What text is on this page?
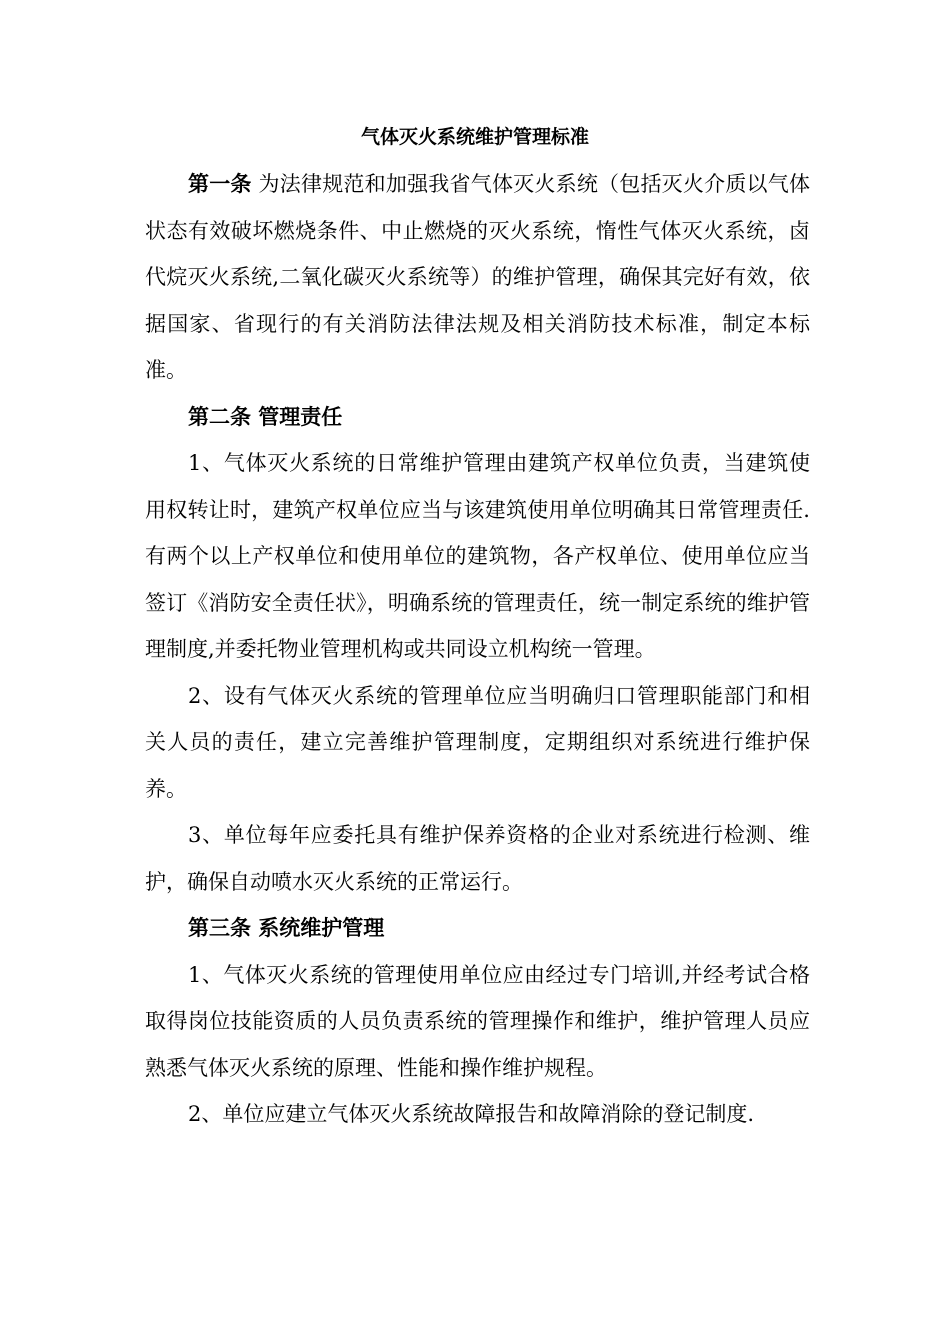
气体灭火系统维护管理标准

第一条 为法律规范和加强我省气体灭火系统（包括灭火介质以气体状态有效破坏燃烧条件、中止燃烧的灭火系统，惰性气体灭火系统，卤代烷灭火系统,二氧化碳灭火系统等）的维护管理，确保其完好有效，依据国家、省现行的有关消防法律法规及相关消防技术标准，制定本标准。

第二条 管理责任

1、气体灭火系统的日常维护管理由建筑产权单位负责，当建筑使用权转让时，建筑产权单位应当与该建筑使用单位明确其日常管理责任.有两个以上产权单位和使用单位的建筑物，各产权单位、使用单位应当签订《消防安全责任状》，明确系统的管理责任，统一制定系统的维护管理制度,并委托物业管理机构或共同设立机构统一管理。

2、设有气体灭火系统的管理单位应当明确归口管理职能部门和相关人员的责任，建立完善维护管理制度，定期组织对系统进行维护保养。

3、单位每年应委托具有维护保养资格的企业对系统进行检测、维护，确保自动喷水灭火系统的正常运行。

第三条 系统维护管理

1、气体灭火系统的管理使用单位应由经过专门培训,并经考试合格取得岗位技能资质的人员负责系统的管理操作和维护，维护管理人员应熟悉气体灭火系统的原理、性能和操作维护规程。

2、单位应建立气体灭火系统故障报告和故障消除的登记制度.
